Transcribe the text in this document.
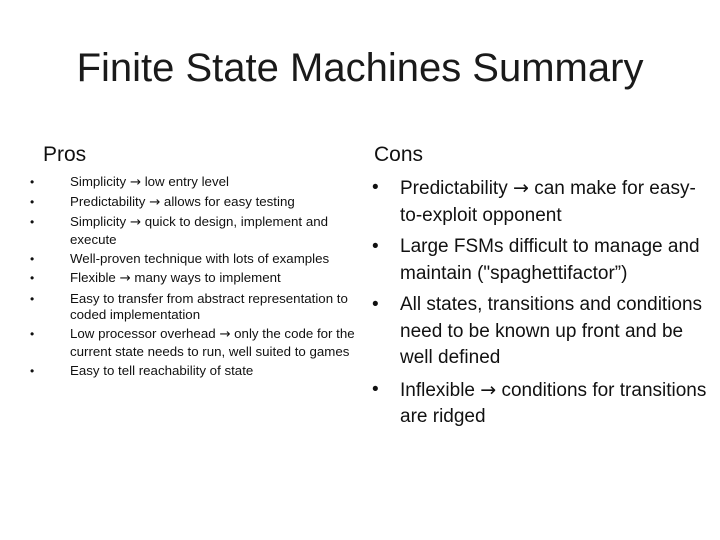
Finite State Machines Summary
Pros	Cons
•	Simplicity → low entry level
•	Predictability → allows for easy testing
•	Simplicity → quick to design, implement and execute
•	Well-proven technique with lots of examples
•	Flexible → many ways to implement
•	Easy to transfer from abstract representation to coded implementation
•	Low processor overhead → only the code for the current state needs to run, well suited to games
•	Easy to tell reachability of state
•	Predictability → can make for easy-to-exploit opponent
•	Large FSMs difficult to manage and maintain ("spaghettifactor”)
•	All states, transitions and conditions need to be known up front and be well defined
•	Inflexible → conditions for transitions are ridged
